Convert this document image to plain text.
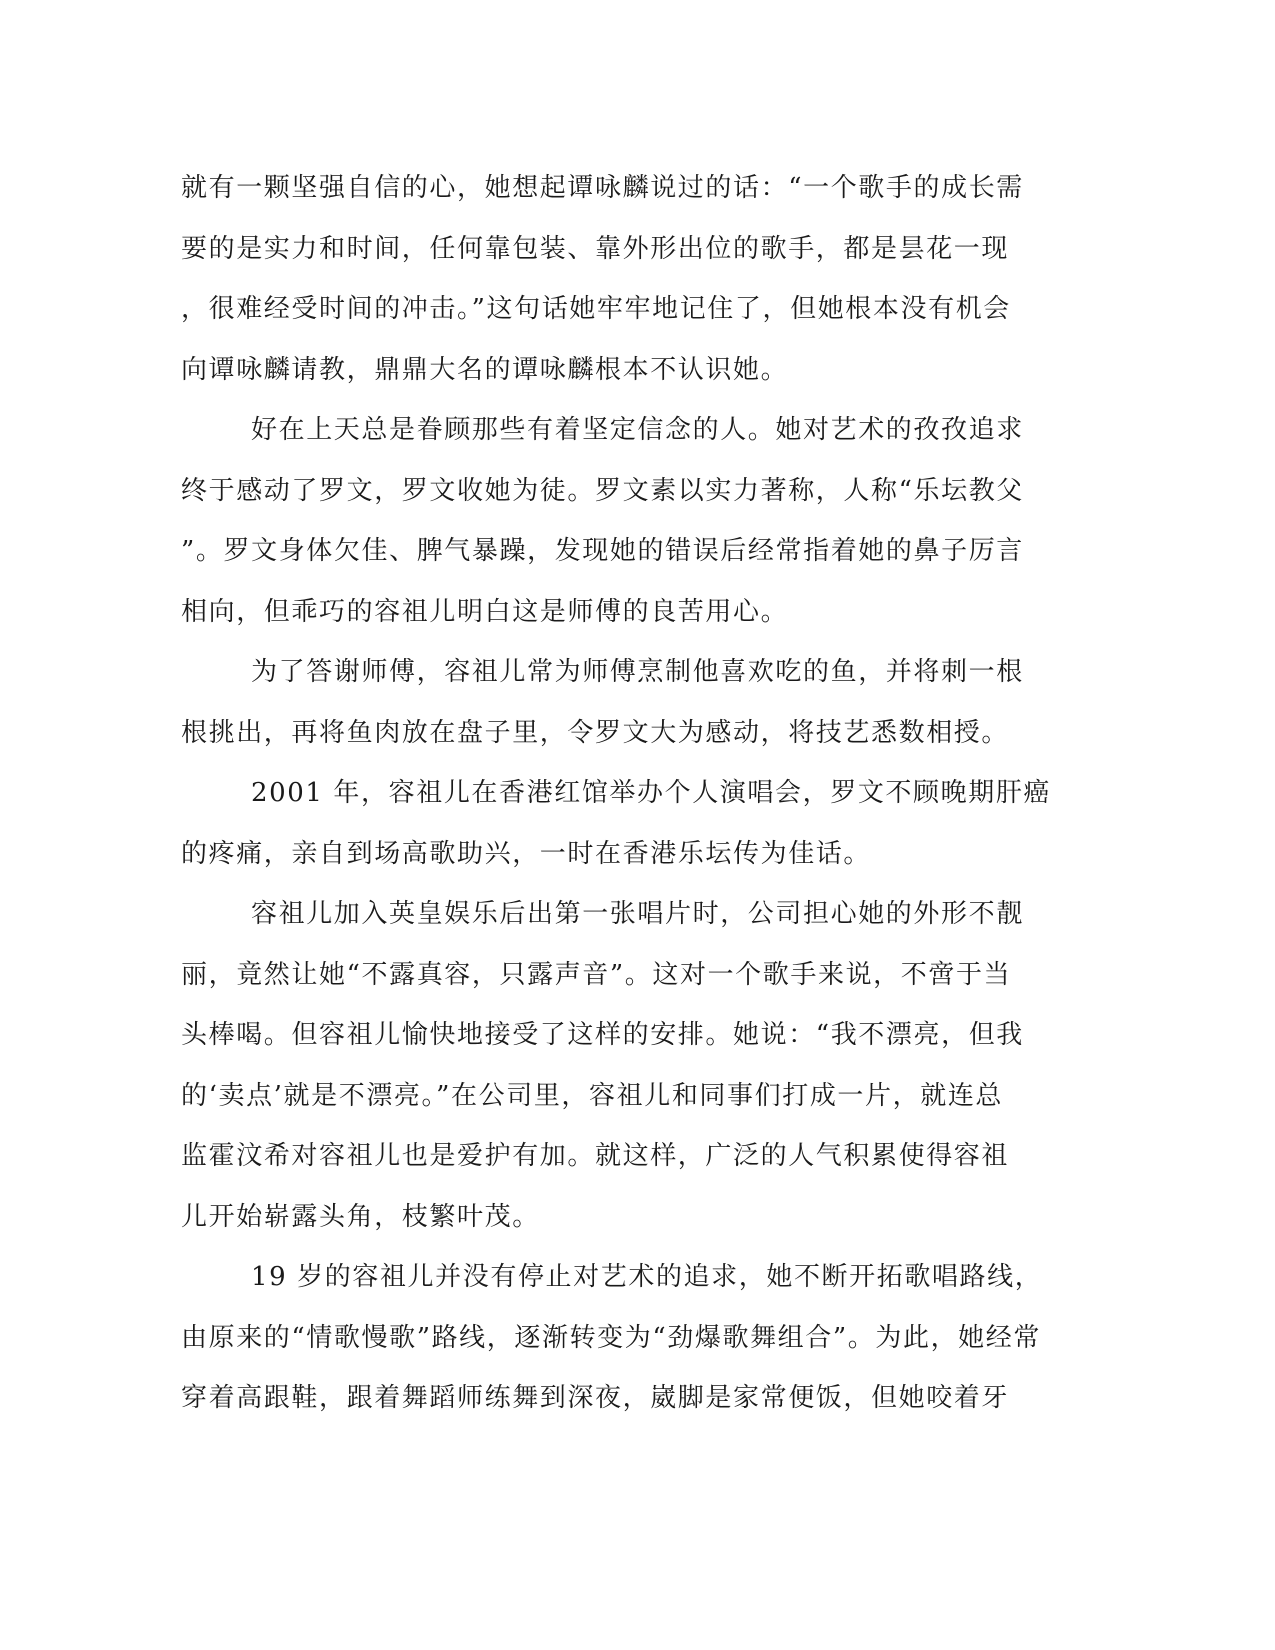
就有一颗坚强自信的心，她想起谭咏麟说过的话：“一个歌手的成长需
要的是实力和时间，任何靠包装、靠外形出位的歌手，都是昙花一现
，很难经受时间的冲击。”这句话她牢牢地记住了，但她根本没有机会
向谭咏麟请教，鼎鼎大名的谭咏麟根本不认识她。
好在上天总是眷顾那些有着坚定信念的人。她对艺术的孜孜追求
终于感动了罗文，罗文收她为徒。罗文素以实力著称，人称“乐坛教父
”。罗文身体欠佳、脾气暴躁，发现她的错误后经常指着她的鼻子厉言
相向，但乖巧的容祖儿明白这是师傅的良苦用心。
为了答谢师傅，容祖儿常为师傅烹制他喜欢吃的鱼，并将刺一根
根挑出，再将鱼肉放在盘子里，令罗文大为感动，将技艺悉数相授。
2001 年，容祖儿在香港红馆举办个人演唱会，罗文不顾晚期肝癌
的疼痛，亲自到场高歌助兴，一时在香港乐坛传为佳话。
容祖儿加入英皇娱乐后出第一张唱片时，公司担心她的外形不靓
丽，竟然让她“不露真容，只露声音”。这对一个歌手来说，不啻于当
头棒喝。但容祖儿愉快地接受了这样的安排。她说：“我不漂亮，但我
的‘卖点’就是不漂亮。”在公司里，容祖儿和同事们打成一片，就连总
监霍汶希对容祖儿也是爱护有加。就这样，广泛的人气积累使得容祖
儿开始崭露头角，枝繁叶茂。
19 岁的容祖儿并没有停止对艺术的追求，她不断开拓歌唱路线，
由原来的“情歌慢歌”路线，逐渐转变为“劲爆歌舞组合”。为此，她经常
穿着高跟鞋，跟着舞蹈师练舞到深夜，崴脚是家常便饭，但她咬着牙
